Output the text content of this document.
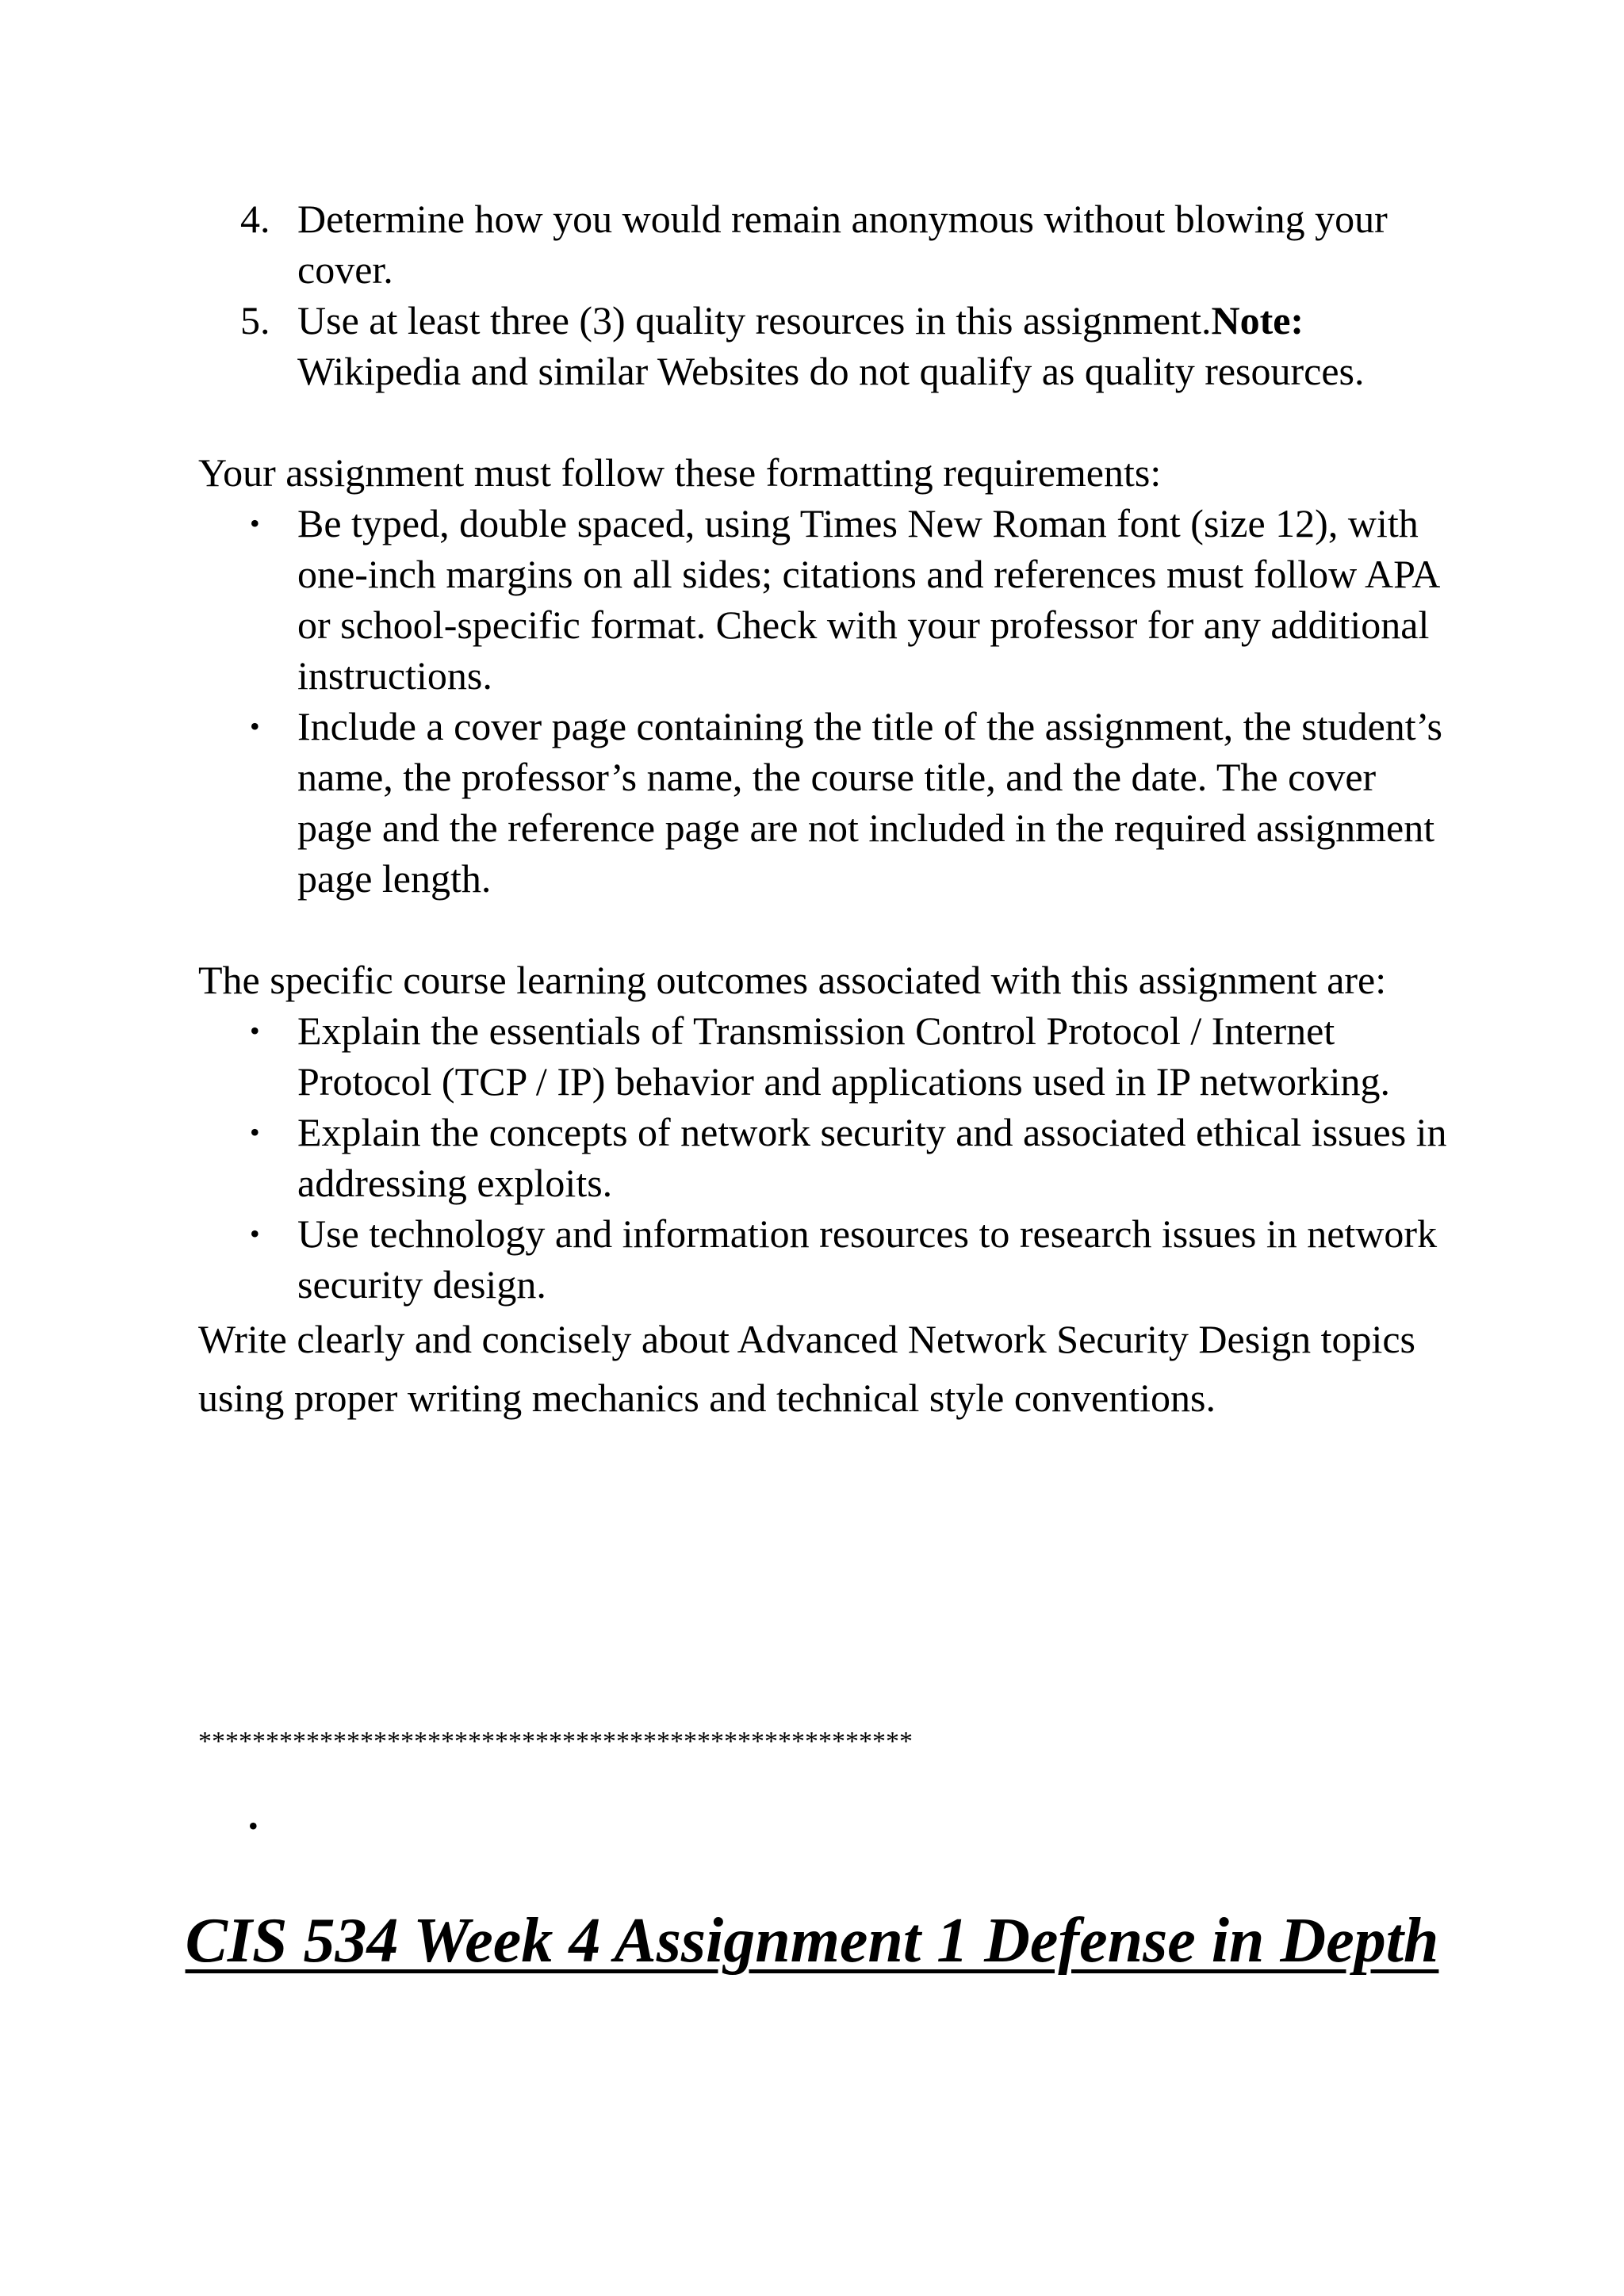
4. Determine how you would remain anonymous without blowing your cover.
5. Use at least three (3) quality resources in this assignment.Note: Wikipedia and similar Websites do not qualify as quality resources.

Your assignment must follow these formatting requirements:

• Be typed, double spaced, using Times New Roman font (size 12), with one-inch margins on all sides; citations and references must follow APA or school-specific format. Check with your professor for any additional instructions.
• Include a cover page containing the title of the assignment, the student’s name, the professor’s name, the course title, and the date. The cover page and the reference page are not included in the required assignment page length.

The specific course learning outcomes associated with this assignment are:

• Explain the essentials of Transmission Control Protocol / Internet Protocol (TCP / IP) behavior and applications used in IP networking.
• Explain the concepts of network security and associated ethical issues in addressing exploits.
• Use technology and information resources to research issues in network security design.

Write clearly and concisely about Advanced Network Security Design topics using proper writing mechanics and technical style conventions.

*****************************************************
•
CIS 534 Week 4 Assignment 1 Defense in Depth
